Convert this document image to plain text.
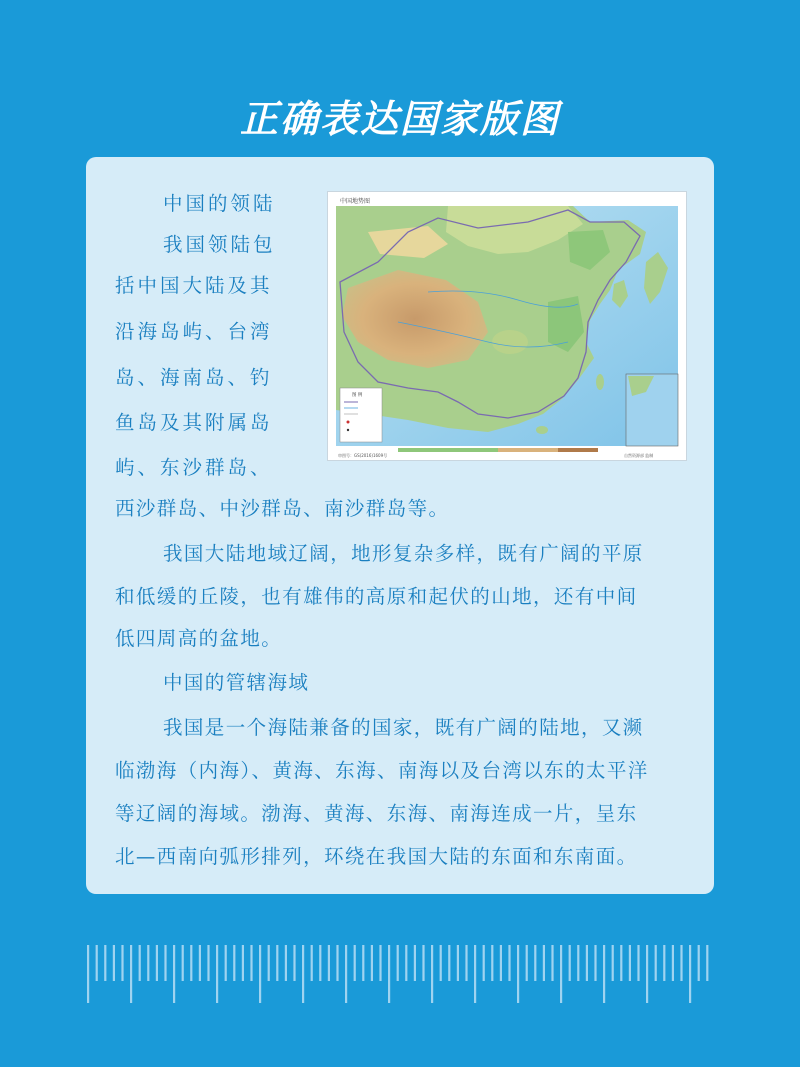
正确表达国家版图
中国地势图
图 例
审图号：GS(2016)1609号	自然资源部 监制
中国的领陆
我国领陆包
括中国大陆及其
沿海岛屿、台湾
岛、海南岛、钓
鱼岛及其附属岛
屿、东沙群岛、
西沙群岛、中沙群岛、南沙群岛等。
我国大陆地域辽阔，地形复杂多样，既有广阔的平原
和低缓的丘陵，也有雄伟的高原和起伏的山地，还有中间
低四周高的盆地。
中国的管辖海域
我国是一个海陆兼备的国家，既有广阔的陆地，又濒
临渤海（内海）、黄海、东海、南海以及台湾以东的太平洋
等辽阔的海域。渤海、黄海、东海、南海连成一片，呈东
北—西南向弧形排列，环绕在我国大陆的东面和东南面。
